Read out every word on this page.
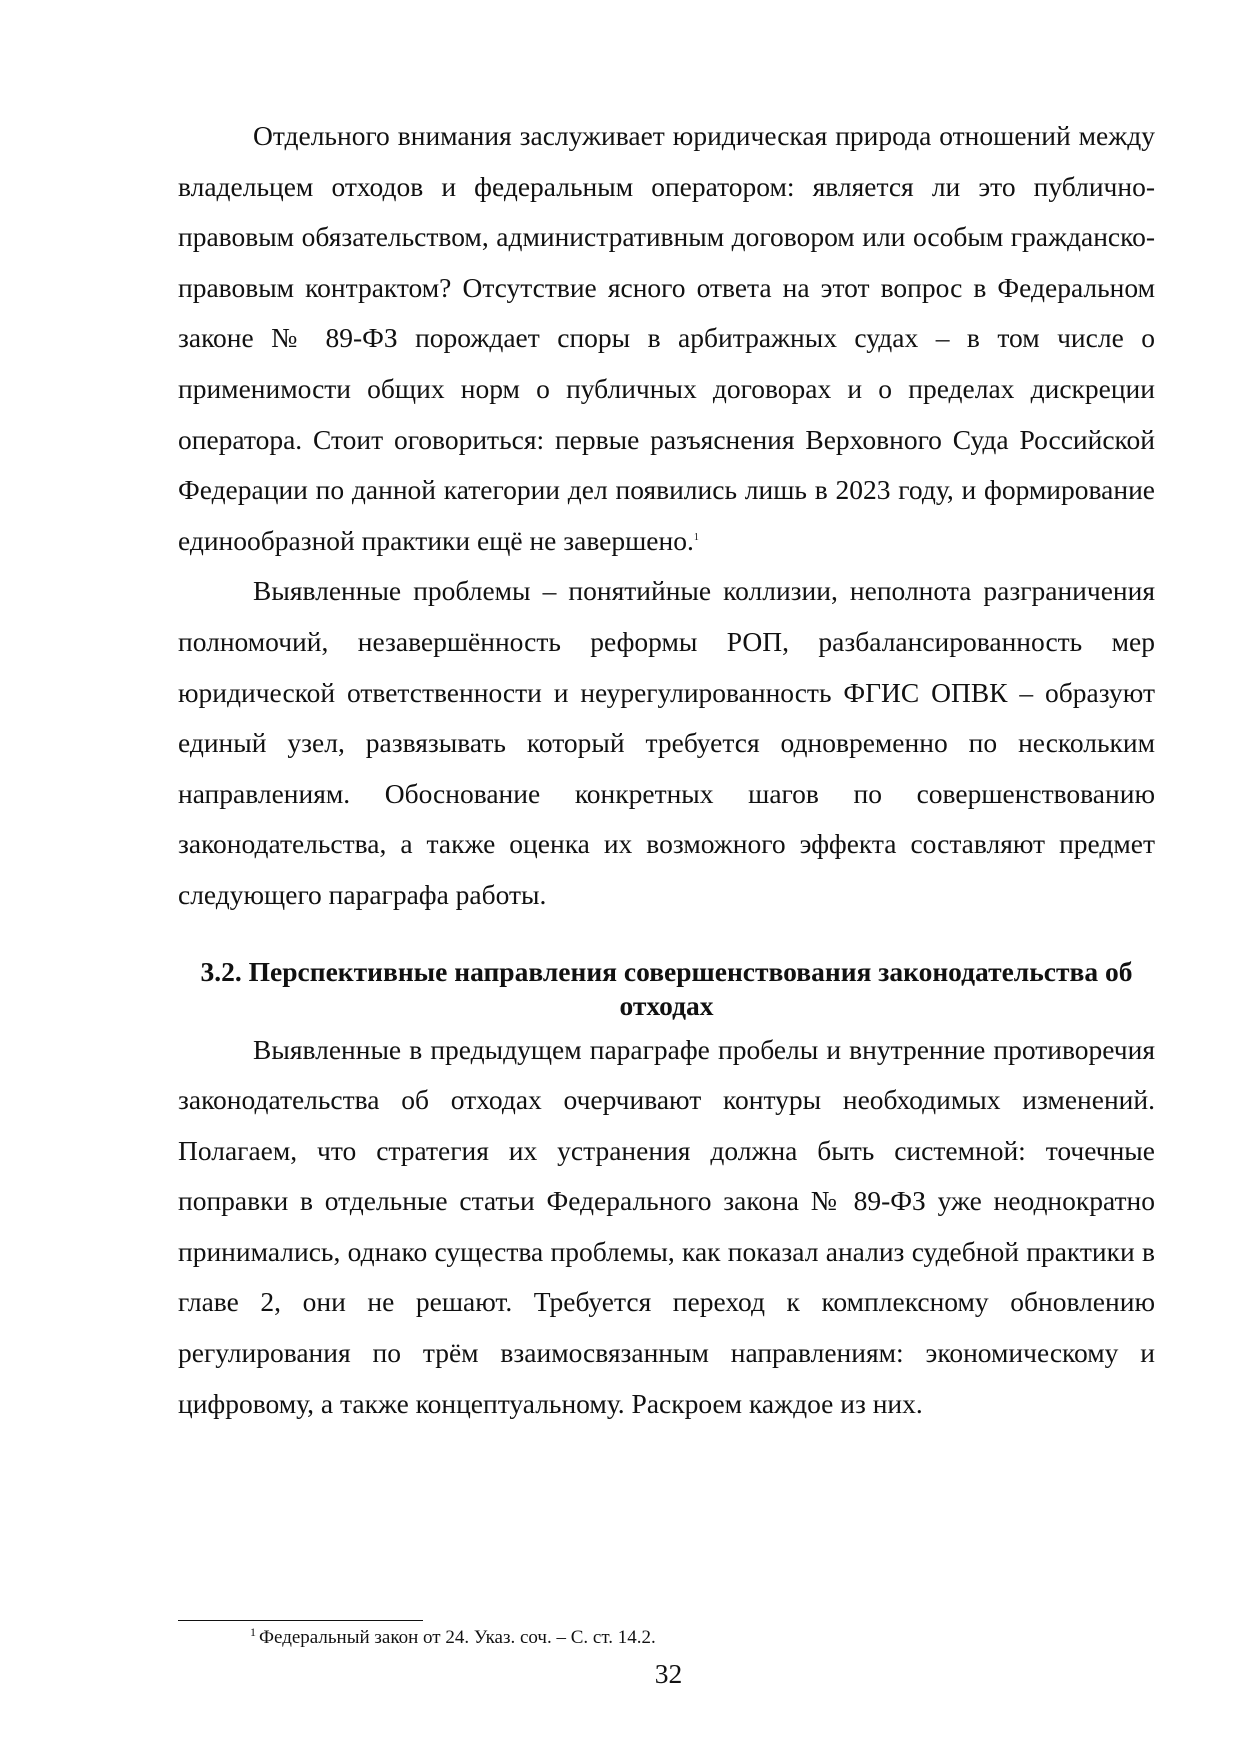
Отдельного внимания заслуживает юридическая природа отношений между владельцем отходов и федеральным оператором: является ли это публично-правовым обязательством, административным договором или особым гражданско-правовым контрактом? Отсутствие ясного ответа на этот вопрос в Федеральном законе № 89-ФЗ порождает споры в арбитражных судах – в том числе о применимости общих норм о публичных договорах и о пределах дискреции оператора. Стоит оговориться: первые разъяснения Верховного Суда Российской Федерации по данной категории дел появились лишь в 2023 году, и формирование единообразной практики ещё не завершено.$^1$

Выявленные проблемы – понятийные коллизии, неполнота разграничения полномочий, незавершённость реформы РОП, разбалансированность мер юридической ответственности и неурегулированность ФГИС ОПВК – образуют единый узел, развязывать который требуется одновременно по нескольким направлениям. Обоснование конкретных шагов по совершенствованию законодательства, а также оценка их возможного эффекта составляют предмет следующего параграфа работы.

3.2. Перспективные направления совершенствования законодательства об отходах

Выявленные в предыдущем параграфе пробелы и внутренние противоречия законодательства об отходах очерчивают контуры необходимых изменений. Полагаем, что стратегия их устранения должна быть системной: точечные поправки в отдельные статьи Федерального закона № 89-ФЗ уже неоднократно принимались, однако существа проблемы, как показал анализ судебной практики в главе 2, они не решают. Требуется переход к комплексному обновлению регулирования по трём взаимосвязанным направлениям: экономическому и цифровому, а также концептуальному. Раскроем каждое из них.

$^1$ Федеральный закон от 24. Указ. соч. – С. ст. 14.2.

32
